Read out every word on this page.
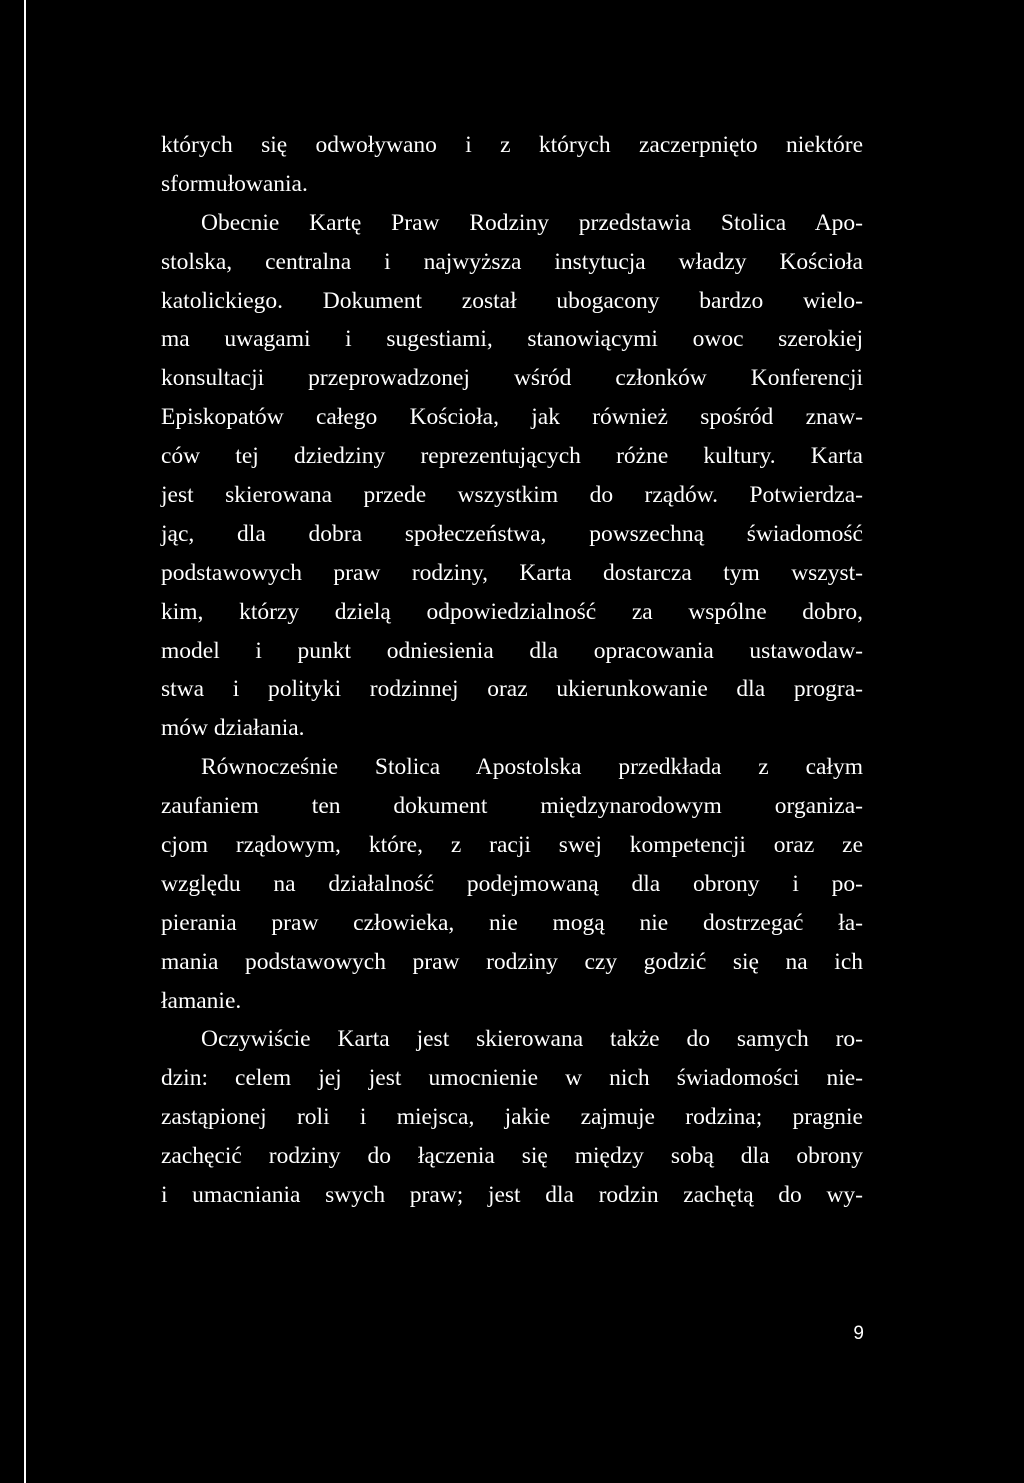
których się odwoływano i z których zaczerpnięto niektóre
sformułowania.
Obecnie Kartę Praw Rodziny przedstawia Stolica Apo-
stolska, centralna i najwyższa instytucja władzy Kościoła
katolickiego. Dokument został ubogacony bardzo wielo-
ma uwagami i sugestiami, stanowiącymi owoc szerokiej
konsultacji przeprowadzonej wśród członków Konferencji
Episkopatów całego Kościoła, jak również spośród znaw-
ców tej dziedziny reprezentujących różne kultury. Karta
jest skierowana przede wszystkim do rządów. Potwierdza-
jąc, dla dobra społeczeństwa, powszechną świadomość
podstawowych praw rodziny, Karta dostarcza tym wszyst-
kim, którzy dzielą odpowiedzialność za wspólne dobro,
model i punkt odniesienia dla opracowania ustawodaw-
stwa i polityki rodzinnej oraz ukierunkowanie dla progra-
mów działania.
Równocześnie Stolica Apostolska przedkłada z całym
zaufaniem ten dokument międzynarodowym organiza-
cjom rządowym, które, z racji swej kompetencji oraz ze
względu na działalność podejmowaną dla obrony i po-
pierania praw człowieka, nie mogą nie dostrzegać ła-
mania podstawowych praw rodziny czy godzić się na ich
łamanie.
Oczywiście Karta jest skierowana także do samych ro-
dzin: celem jej jest umocnienie w nich świadomości nie-
zastąpionej roli i miejsca, jakie zajmuje rodzina; pragnie
zachęcić rodziny do łączenia się między sobą dla obrony
i umacniania swych praw; jest dla rodzin zachętą do wy-
9
